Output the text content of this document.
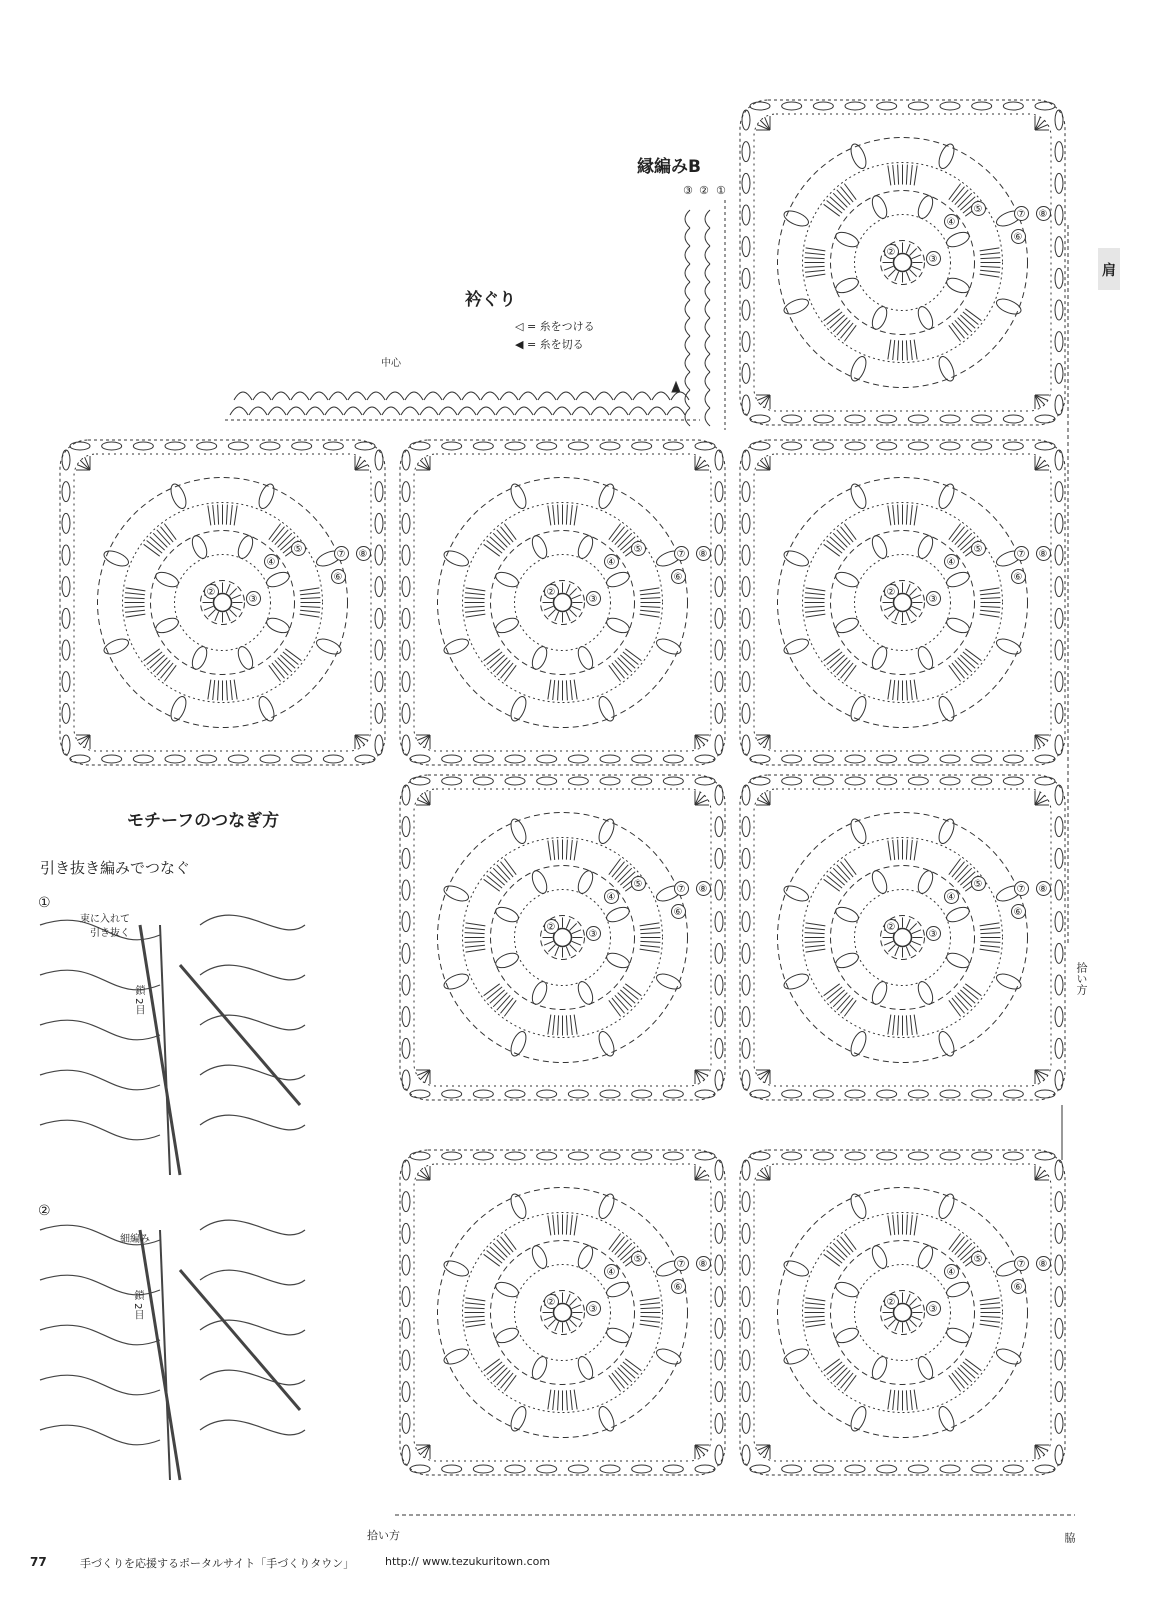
縁編みB
③ ② ①
衿ぐり
◁ = 糸をつける
◀ = 糸を切る
中心
肩
拾い方
拾い方	脇
モチーフのつなぎ方
引き抜き編みでつなぐ
①
束に入れて
引き抜く
鎖 2目
②
細編み
鎖 2目
77	手づくりを応援するポータルサイト「手づくりタウン」	http:// www.tezukuritown.com
②
③
④
⑤
⑥
⑦	⑧
②
③
④
⑤
⑥
⑦	⑧
②
③
④
⑤
⑥
⑦	⑧
②
③
④
⑤
⑥
⑦	⑧
②
③
④
⑤
⑥
⑦	⑧
②
③
④
⑤
⑥
⑦	⑧
②
③
④
⑤
⑥
⑦	⑧
②
③
④
⑤
⑥
⑦	⑧
